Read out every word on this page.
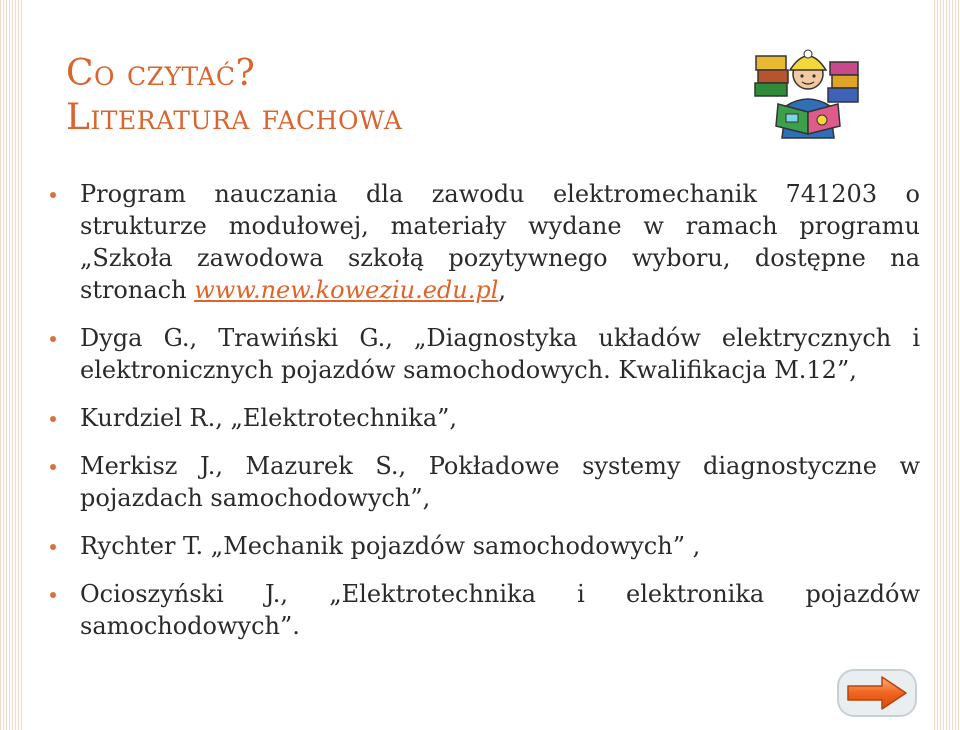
Co czytać?
Literatura fachowa
Program nauczania dla zawodu elektromechanik 741203 o strukturze modułowej, materiały wydane w ramach programu „Szkoła zawodowa szkołą pozytywnego wyboru, dostępne na stronach www.new.koweziu.edu.pl,
Dyga G., Trawiński G., „Diagnostyka układów elektrycznych i elektronicznych pojazdów samochodowych. Kwalifikacja M.12”,
Kurdziel R., „Elektrotechnika”,
Merkisz J., Mazurek S., Pokładowe systemy diagnostyczne w pojazdach samochodowych”,
Rychter T. „Mechanik pojazdów samochodowych” ,
Ocioszyński J., „Elektrotechnika i elektronika pojazdów samochodowych”.
